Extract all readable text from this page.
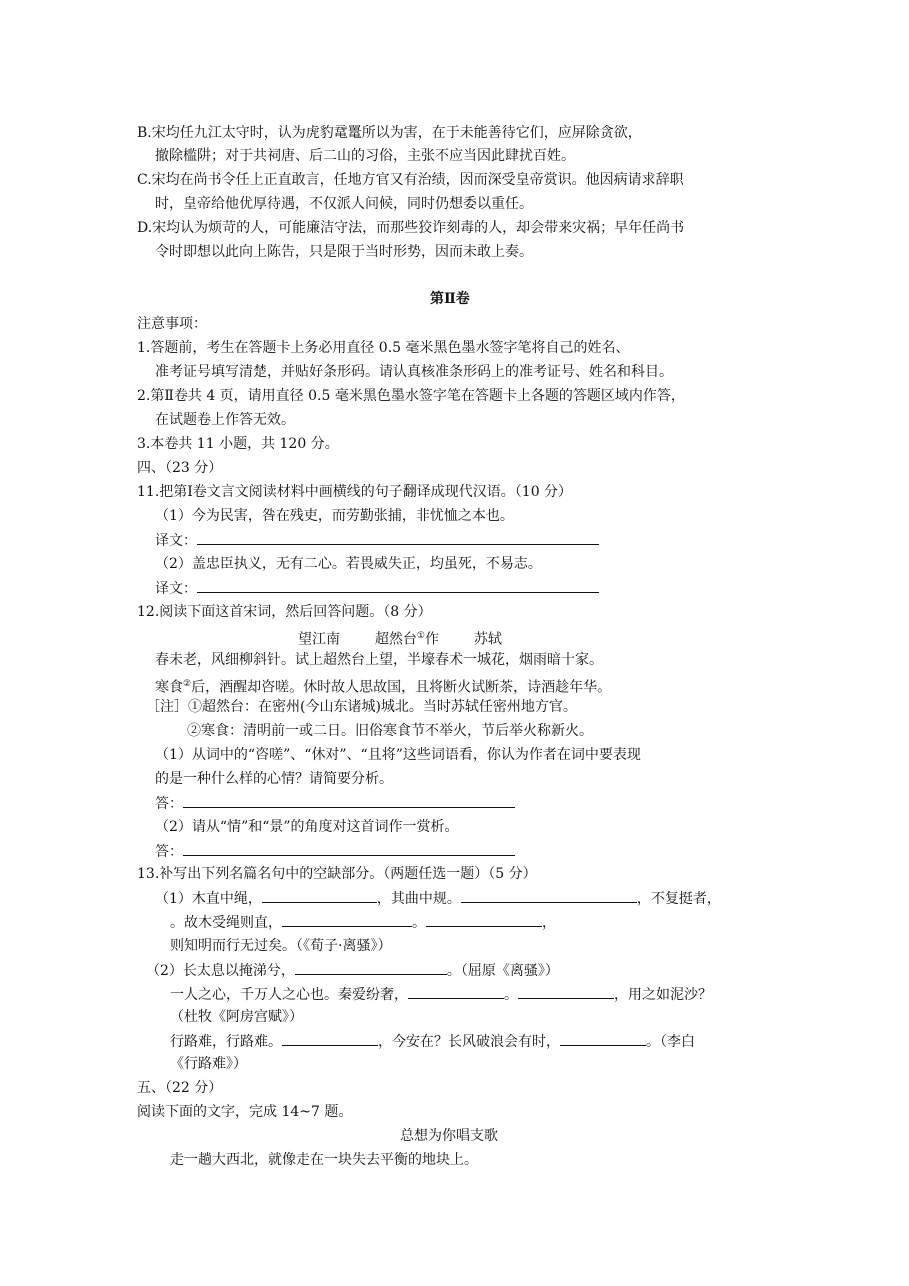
B.宋均任九江太守时，认为虎豹鼋鼍所以为害，在于未能善待它们，应屏除贪欲，
撤除槛阱；对于共祠唐、后二山的习俗，主张不应当因此肆扰百姓。
C.宋均在尚书令任上正直敢言，任地方官又有治绩，因而深受皇帝赏识。他因病请求辞职
时，皇帝给他优厚待遇，不仅派人问候，同时仍想委以重任。
D.宋均认为烦苛的人，可能廉洁守法，而那些狡诈刻毒的人，却会带来灾祸；早年任尚书
令时即想以此向上陈告，只是限于当时形势，因而未敢上奏。
第Ⅱ卷
注意事项：
1.答题前，考生在答题卡上务必用直径 0.5 毫米黑色墨水签字笔将自己的姓名、
准考证号填写清楚，并贴好条形码。请认真核准条形码上的准考证号、姓名和科目。
2.第Ⅱ卷共 4 页，请用直径 0.5 毫米黑色墨水签字笔在答题卡上各题的答题区域内作答，
在试题卷上作答无效。
3.本卷共 11 小题，共 120 分。
四、（23 分）
11.把第Ⅰ卷文言文阅读材料中画横线的句子翻译成现代汉语。（10 分）
（1）今为民害，咎在残吏，而劳勤张捕，非忧恤之本也。
译文：
（2）盖忠臣执义，无有二心。若畏威失正，均虽死，不易志。
译文：
12.阅读下面这首宋词，然后回答问题。（8 分）
望江南 超然台①作 苏轼
春未老，风细柳斜针。试上超然台上望，半壕春术一城花，烟雨暗十家。
寒食②后，酒醒却咨嗟。休时故人思故国，且将断火试断茶，诗酒趁年华。
［注］①超然台：在密州(今山东诸城)城北。当时苏轼任密州地方官。
②寒食：清明前一或二日。旧俗寒食节不举火，节后举火称新火。
（1）从词中的“咨嗟”、“休对”、“且将”这些词语看，你认为作者在词中要表现
的是一种什么样的心情？请简要分析。
答：
（2）请从“情”和“景”的角度对这首词作一赏析。
答：
13.补写出下列名篇名句中的空缺部分。（两题任选一题）（5 分）
（1）木直中绳，	，其曲中规。	，不复挺者，
。故木受绳则直，	。	，
则知明而行无过矣。（《荀子·离骚》）
（2）长太息以掩涕兮，	。（屈原《离骚》）
一人之心，千万人之心也。秦爱纷奢，	。	，用之如泥沙？
（杜牧《阿房宫赋》）
行路难，行路难。	，今安在？长风破浪会有时，	。（李白
《行路难》）
五、（22 分）
阅读下面的文字，完成 14~7 题。
总想为你唱支歌
走一趟大西北，就像走在一块失去平衡的地块上。
